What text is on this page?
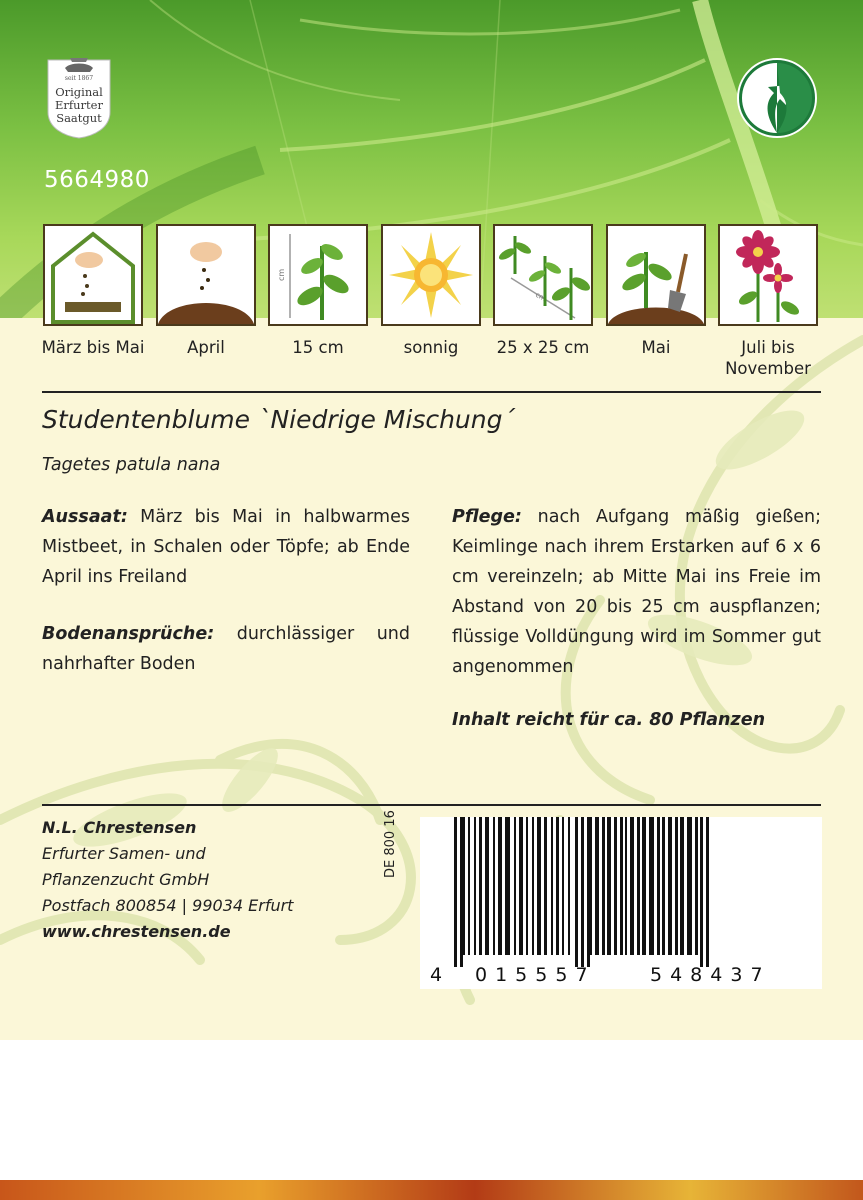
seit 1867
Original
Erfurter
Saatgut
5664980
cm
cm
März bis Mai	April	15 cm	sonnig	25 x 25 cm	Mai	Juli bis
November
Studentenblume `Niedrige Mischung´
Tagetes patula nana
Aussaat: März bis Mai in halbwarmes Mistbeet, in Schalen oder Töpfe; ab Ende April ins Freiland
Bodenansprüche: durchlässiger und nahrhafter Boden
Pflege: nach Aufgang mäßig gießen; Keimlinge nach ihrem Erstarken auf 6 x 6 cm vereinzeln; ab Mitte Mai ins Freie im Abstand von 20 bis 25 cm auspflanzen; flüssige Volldüngung wird im Sommer gut angenommen
Inhalt reicht für ca. 80 Pflanzen
N.L. Chrestensen
Erfurter Samen- und
Pflanzenzucht GmbH
Postfach 800854 | 99034 Erfurt
www.chrestensen.de
DE 800 16
4 015557	548437
